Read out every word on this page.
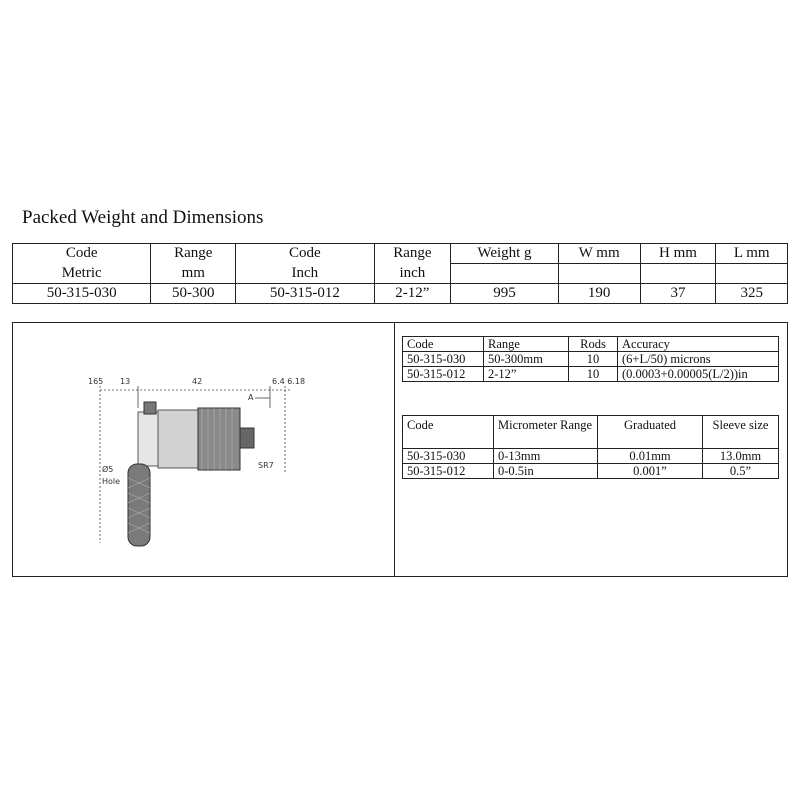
Packed Weight and Dimensions
Code	Range	Code	Range	Weight g	W mm	H mm	L mm
Metric	mm	Inch	inch				
50-315-030	50-300	50-315-012	2-12”	995	190	37	325
165 13	42	6.4 6.18
A
SR7
Ø5
Hole
Code	Range	Rods	Accuracy
50-315-030	50-300mm	10	(6+L/50) microns
50-315-012	2-12”	10	(0.0003+0.00005(L/2))in
Code	Micrometer Range	Graduated	Sleeve size
50-315-030	0-13mm	0.01mm	13.0mm
50-315-012	0-0.5in	0.001”	0.5”
